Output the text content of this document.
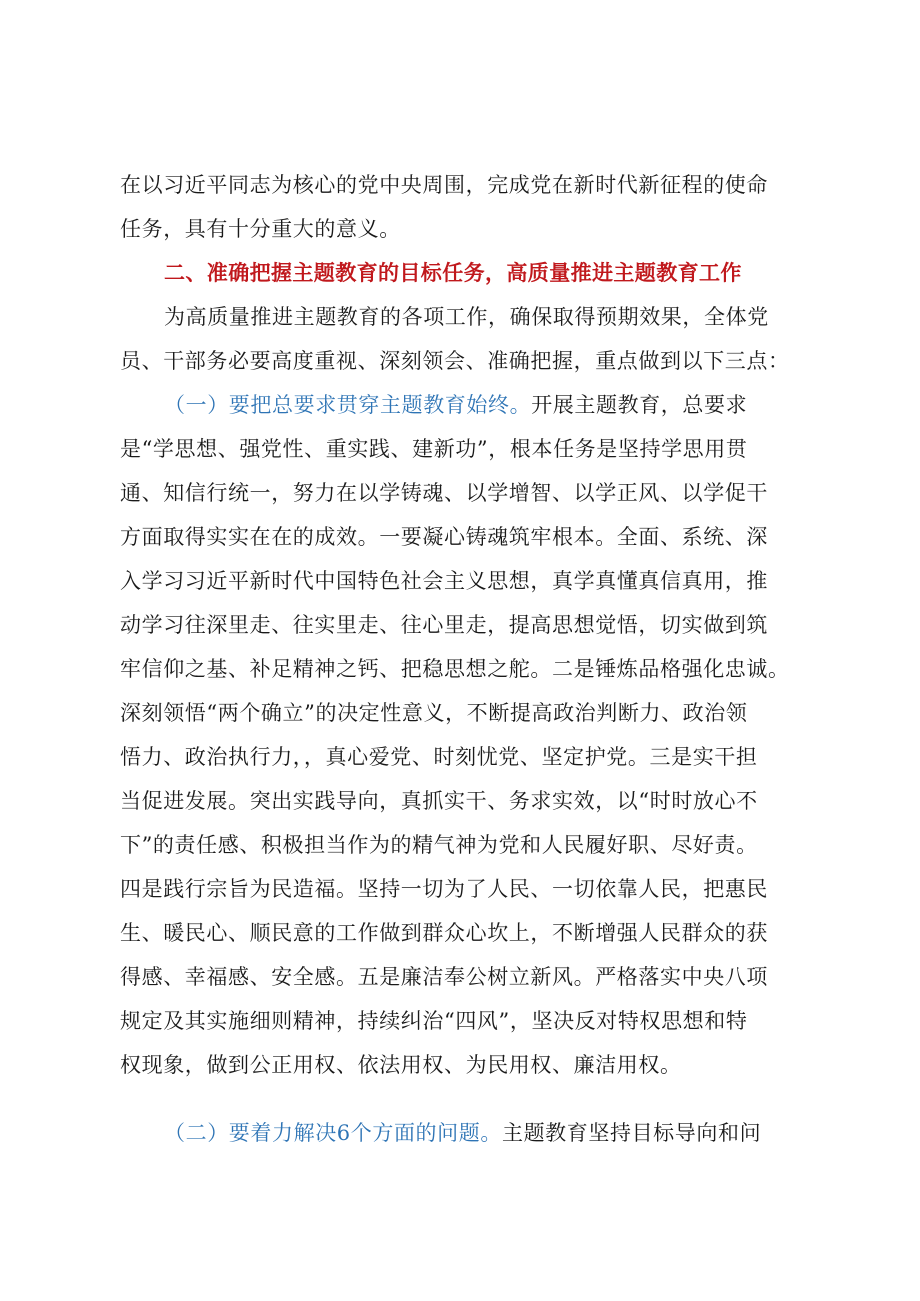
在以习近平同志为核心的党中央周围，完成党在新时代新征程的使命
任务，具有十分重大的意义。
二、准确把握主题教育的目标任务，高质量推进主题教育工作
为高质量推进主题教育的各项工作，确保取得预期效果，全体党
员、干部务必要高度重视、深刻领会、准确把握，重点做到以下三点：
（一）要把总要求贯穿主题教育始终。开展主题教育，总要求
是“学思想、强党性、重实践、建新功”，根本任务是坚持学思用贯
通、知信行统一，努力在以学铸魂、以学增智、以学正风、以学促干
方面取得实实在在的成效。一要凝心铸魂筑牢根本。全面、系统、深
入学习习近平新时代中国特色社会主义思想，真学真懂真信真用，推
动学习往深里走、往实里走、往心里走，提高思想觉悟，切实做到筑
牢信仰之基、补足精神之钙、把稳思想之舵。二是锤炼品格强化忠诚。
深刻领悟“两个确立”的决定性意义，不断提高政治判断力、政治领
悟力、政治执行力，，真心爱党、时刻忧党、坚定护党。三是实干担
当促进发展。突出实践导向，真抓实干、务求实效，以“时时放心不
下”的责任感、积极担当作为的精气神为党和人民履好职、尽好责。
四是践行宗旨为民造福。坚持一切为了人民、一切依靠人民，把惠民
生、暖民心、顺民意的工作做到群众心坎上，不断增强人民群众的获
得感、幸福感、安全感。五是廉洁奉公树立新风。严格落实中央八项
规定及其实施细则精神，持续纠治“四风”，坚决反对特权思想和特
权现象，做到公正用权、依法用权、为民用权、廉洁用权。
（二）要着力解决6个方面的问题。主题教育坚持目标导向和问
